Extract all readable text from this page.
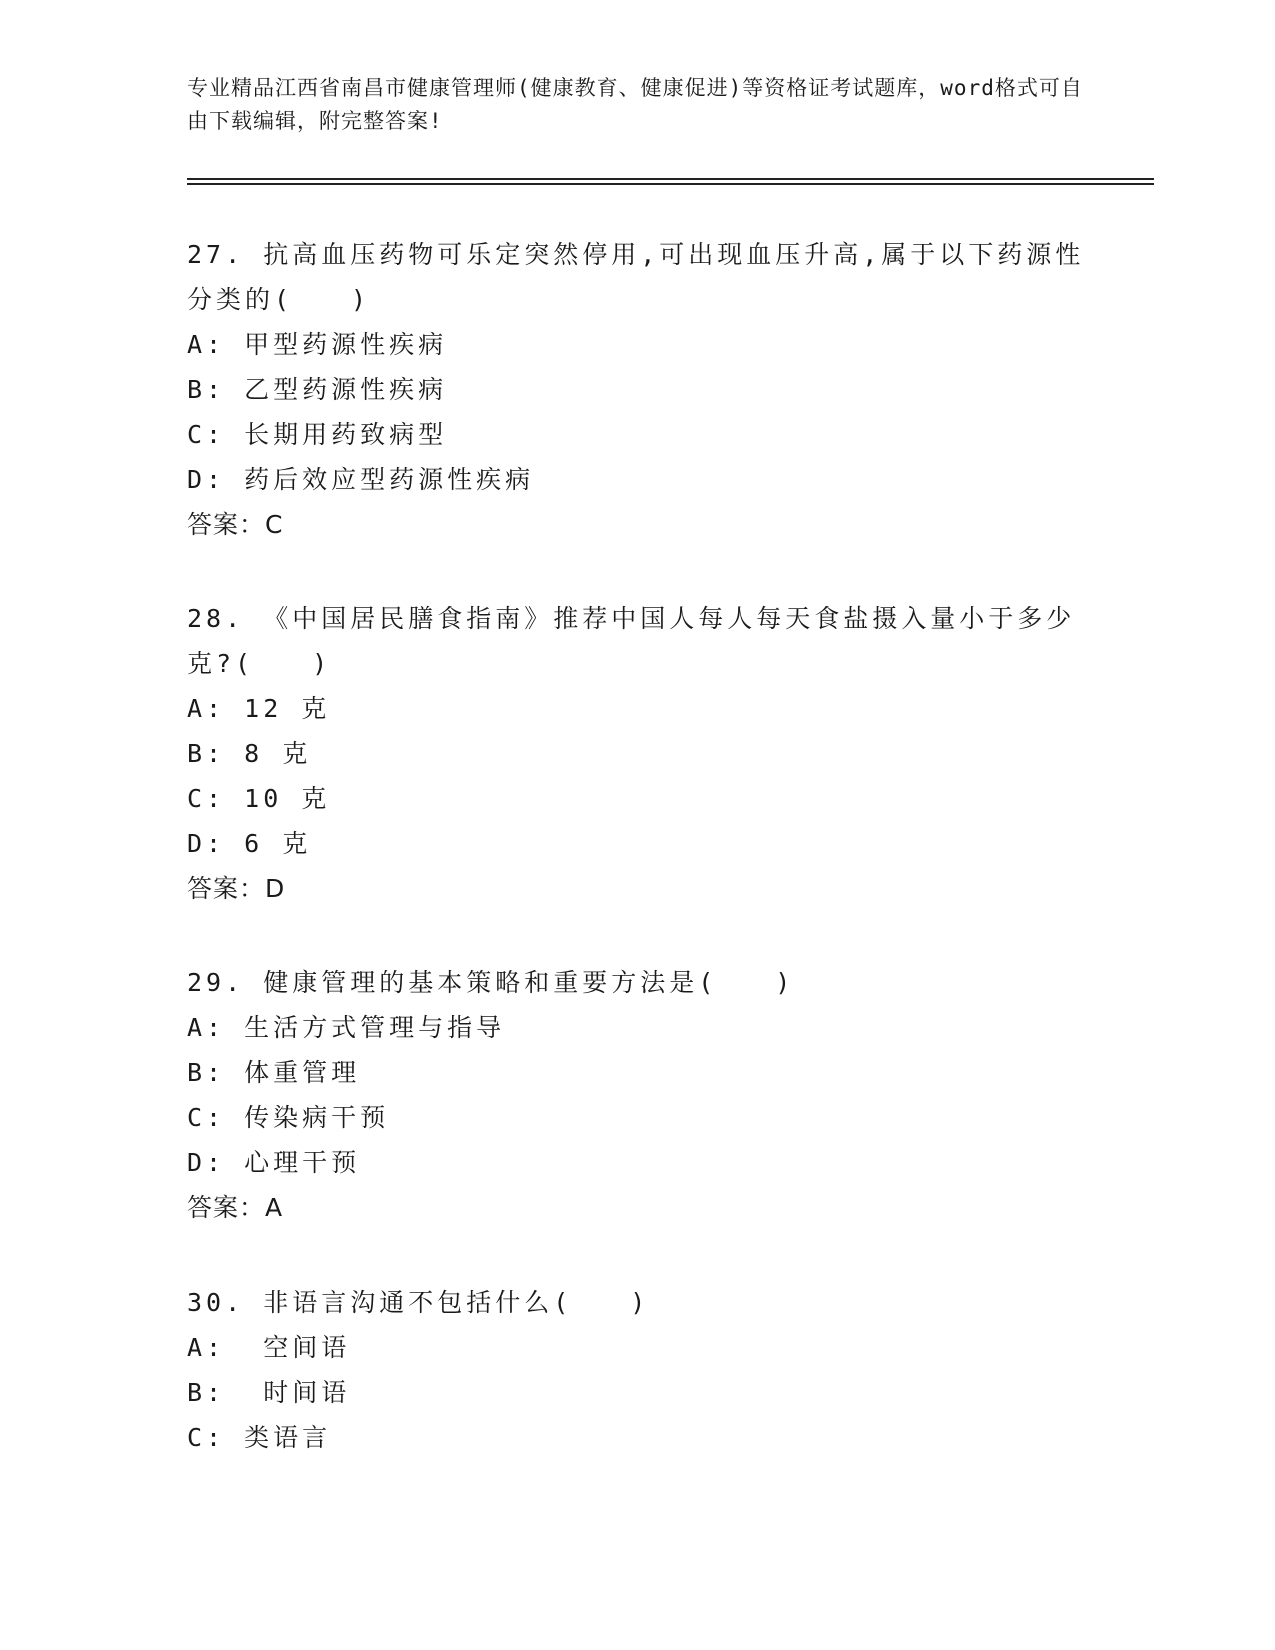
专业精品江西省南昌市健康管理师(健康教育、健康促进)等资格证考试题库，word格式可自由下载编辑，附完整答案!

27. 抗高血压药物可乐定突然停用,可出现血压升高,属于以下药源性分类的(　　)

A: 甲型药源性疾病

B: 乙型药源性疾病

C: 长期用药致病型

D: 药后效应型药源性疾病

答案：C

28. 《中国居民膳食指南》推荐中国人每人每天食盐摄入量小于多少克?(　　)

A: 12 克

B: 8 克

C: 10 克

D: 6 克

答案：D

29. 健康管理的基本策略和重要方法是(　　)

A: 生活方式管理与指导

B: 体重管理

C: 传染病干预

D: 心理干预

答案：A

30. 非语言沟通不包括什么(　　)

A:  空间语

B:  时间语

C: 类语言
